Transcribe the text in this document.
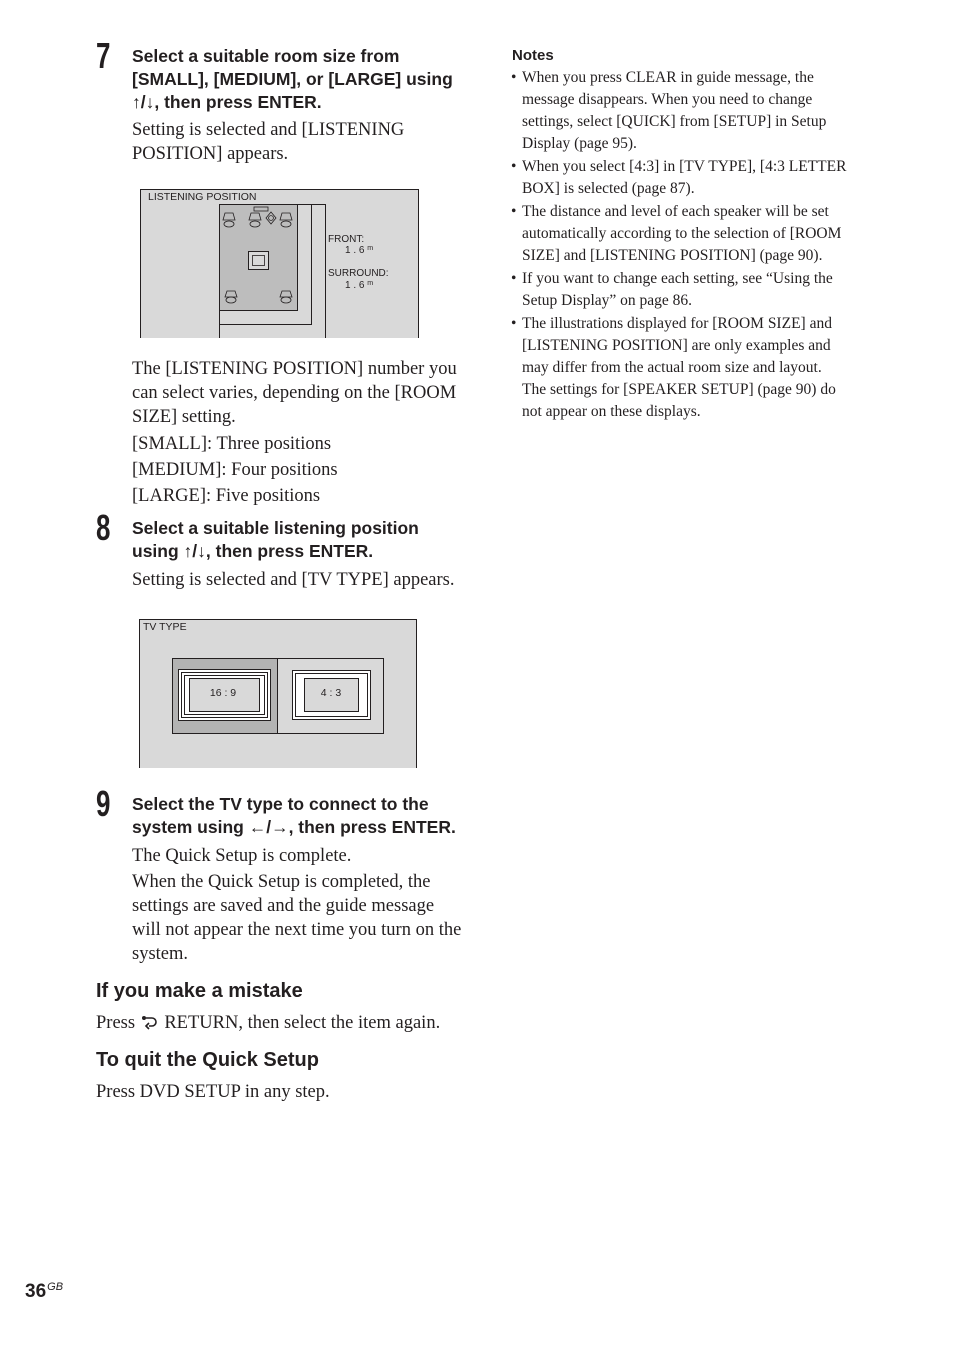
7 Select a suitable room size from
[SMALL], [MEDIUM], or [LARGE] using
↑/↓, then press ENTER.
Setting is selected and [LISTENING
POSITION] appears.
LISTENING POSITION
FRONT:
1 . 6 $^m$
SURROUND:
1 . 6 $^m$
The [LISTENING POSITION] number you
can select varies, depending on the [ROOM
SIZE] setting.
[SMALL]: Three positions
[MEDIUM]: Four positions
[LARGE]: Five positions
8 Select a suitable listening position
using ↑/↓, then press ENTER.
Setting is selected and [TV TYPE] appears.
TV TYPE
16 : 9	4 : 3
9 Select the TV type to connect to the
system using ←/→, then press ENTER.
The Quick Setup is complete.
When the Quick Setup is completed, the
settings are saved and the guide message
will not appear the next time you turn on the
system.
If you make a mistake
Press RETURN, then select the item again.
To quit the Quick Setup
Press DVD SETUP in any step.
Notes
• When you press CLEAR in guide message, the
message disappears. When you need to change
settings, select [QUICK] from [SETUP] in Setup
Display (page 95).
• When you select [4:3] in [TV TYPE], [4:3 LETTER
BOX] is selected (page 87).
• The distance and level of each speaker will be set
automatically according to the selection of [ROOM
SIZE] and [LISTENING POSITION] (page 90).
• If you want to change each setting, see “Using the
Setup Display” on page 86.
• The illustrations displayed for [ROOM SIZE] and
[LISTENING POSITION] are only examples and
may differ from the actual room size and layout.
The settings for [SPEAKER SETUP] (page 90) do
not appear on these displays.
$36^{GB}$
